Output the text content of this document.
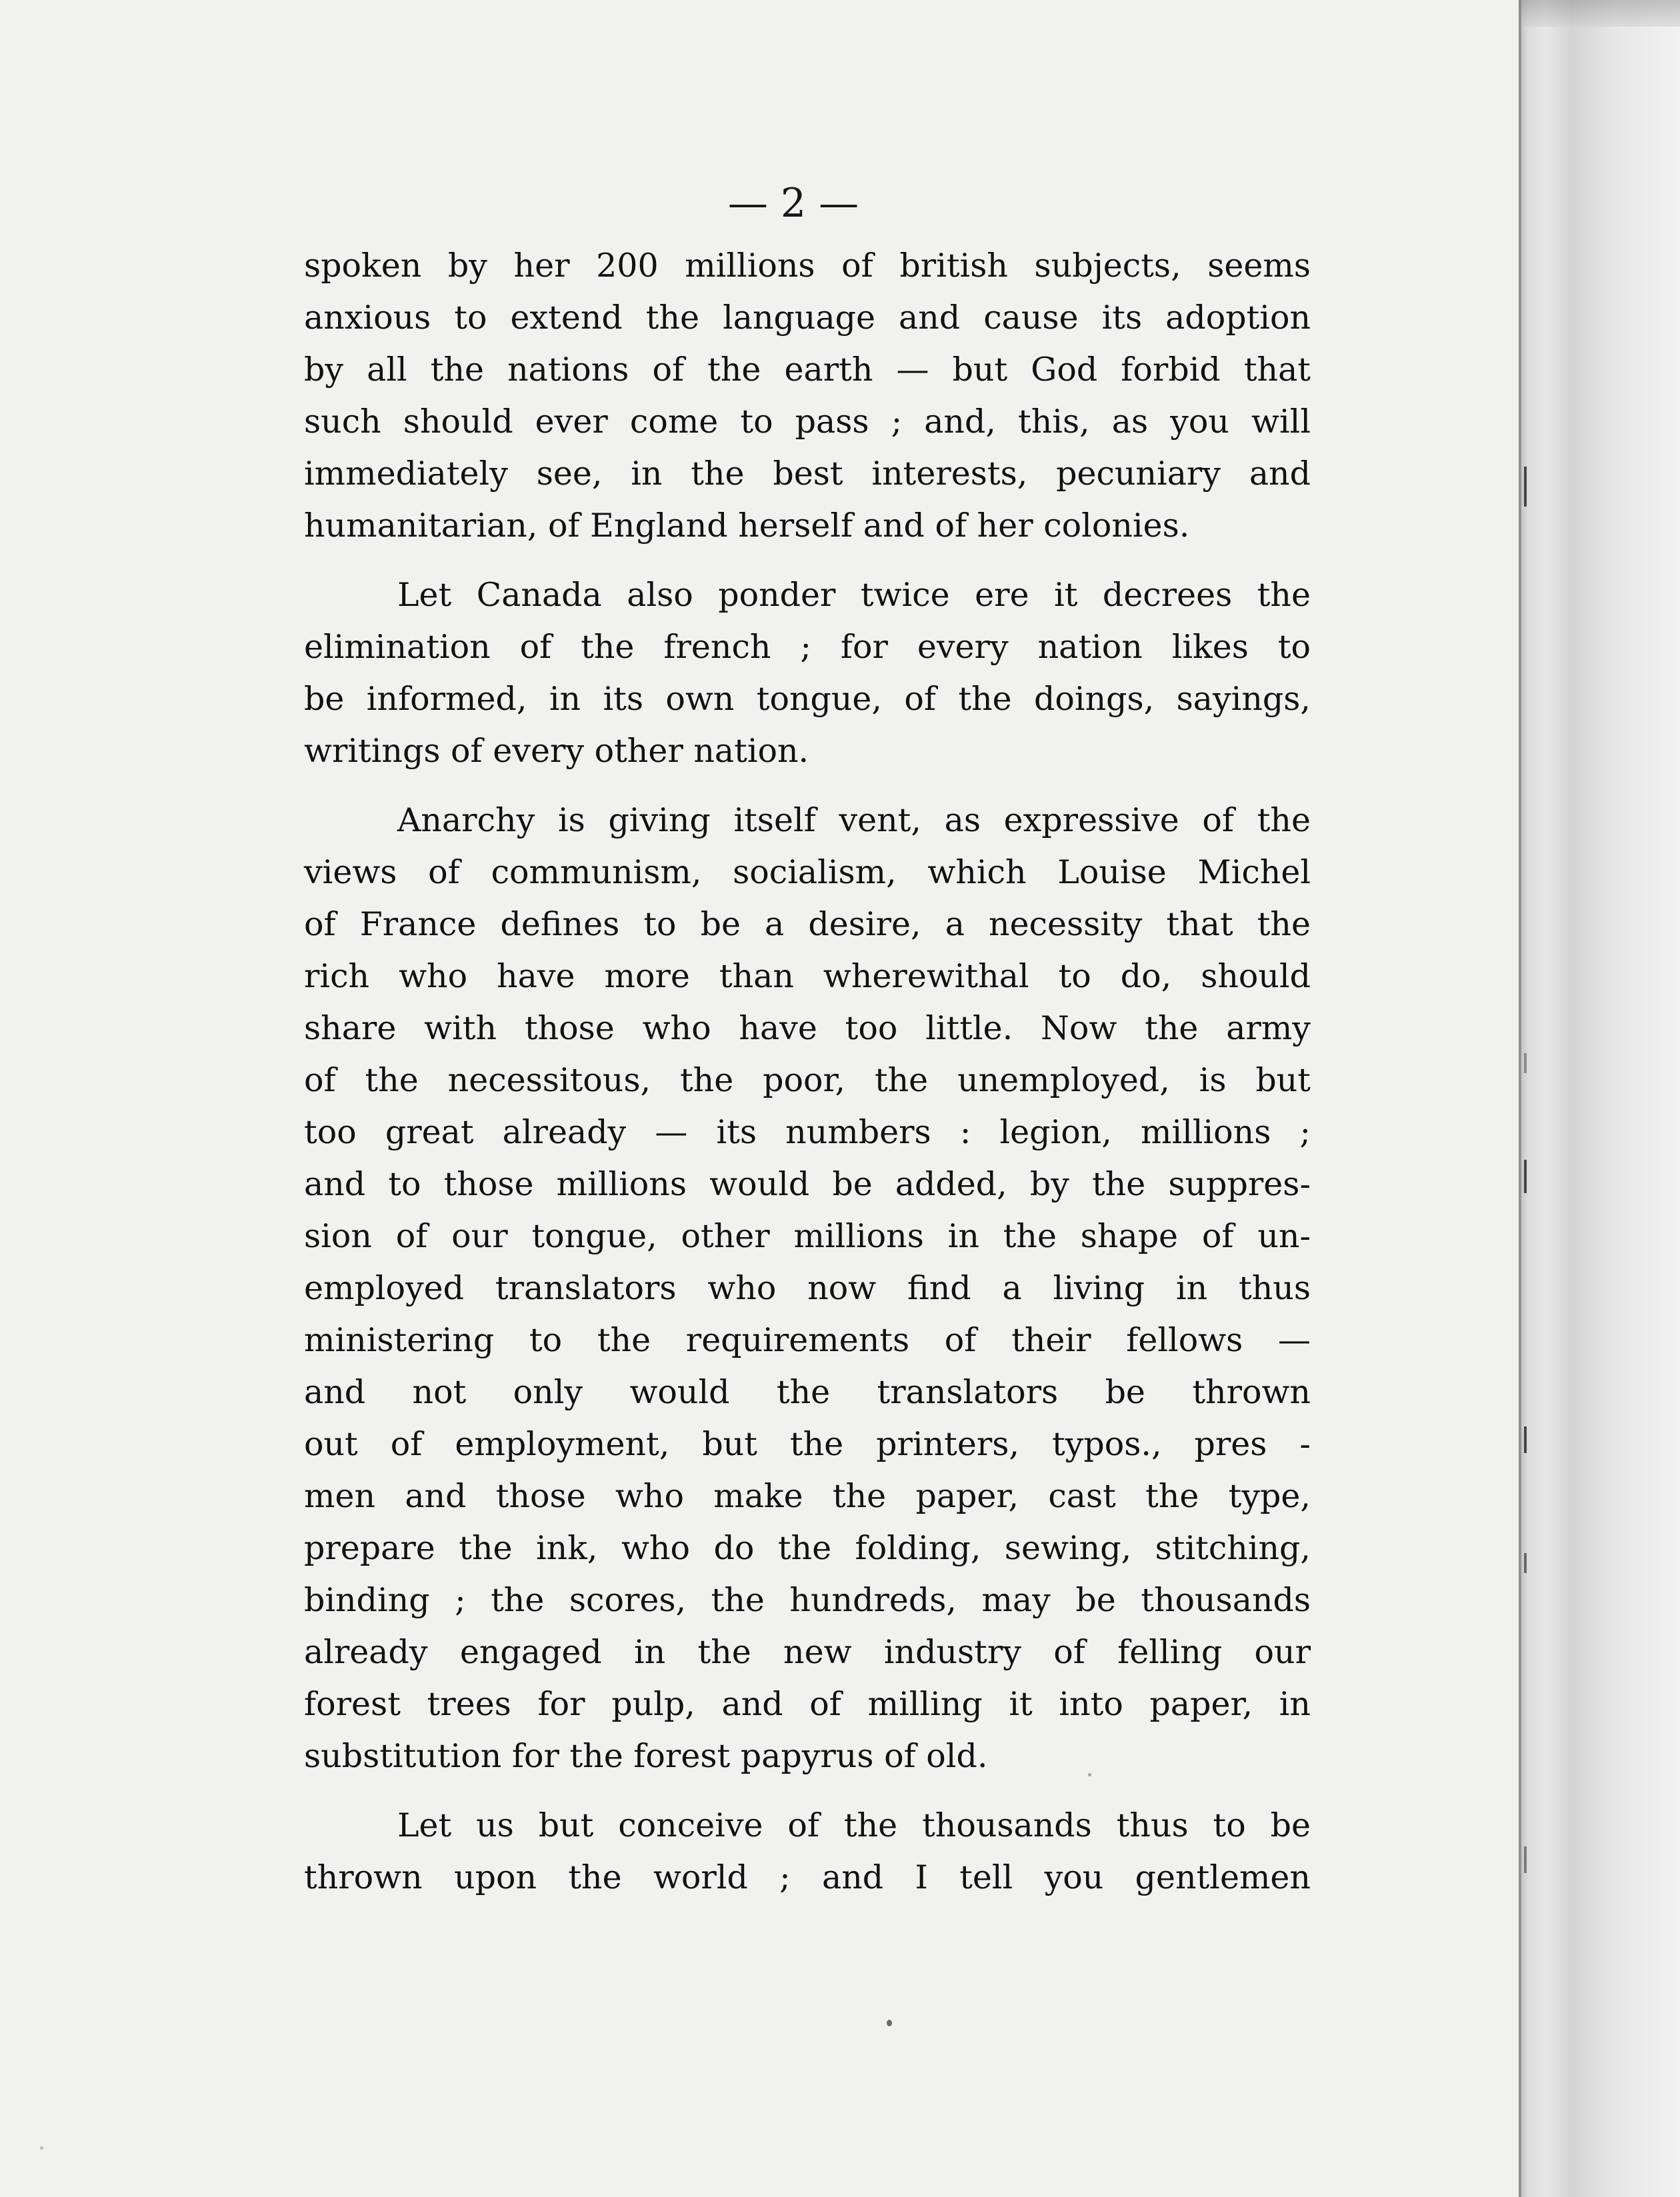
— 2 —
spoken by her 200 millions of british subjects, seems
anxious to extend the language and cause its adoption
by all the nations of the earth — but God forbid that
such should ever come to pass ; and, this, as you will
immediately see, in the best interests, pecuniary and
humanitarian, of England herself and of her colonies.
Let Canada also ponder twice ere it decrees the
elimination of the french ; for every nation likes to
be informed, in its own tongue, of the doings, sayings,
writings of every other nation.
Anarchy is giving itself vent, as expressive of the
views of communism, socialism, which Louise Michel
of France defines to be a desire, a necessity that the
rich who have more than wherewithal to do, should
share with those who have too little. Now the army
of the necessitous, the poor, the unemployed, is but
too great already — its numbers : legion, millions ;
and to those millions would be added, by the suppres-
sion of our tongue, other millions in the shape of un-
employed translators who now find a living in thus
ministering to the requirements of their fellows —
and not only would the translators be thrown
out of employment, but the printers, typos., pres -
men and those who make the paper, cast the type,
prepare the ink, who do the folding, sewing, stitching,
binding ; the scores, the hundreds, may be thousands
already engaged in the new industry of felling our
forest trees for pulp, and of milling it into paper, in
substitution for the forest papyrus of old.
Let us but conceive of the thousands thus to be
thrown upon the world ; and I tell you gentlemen
